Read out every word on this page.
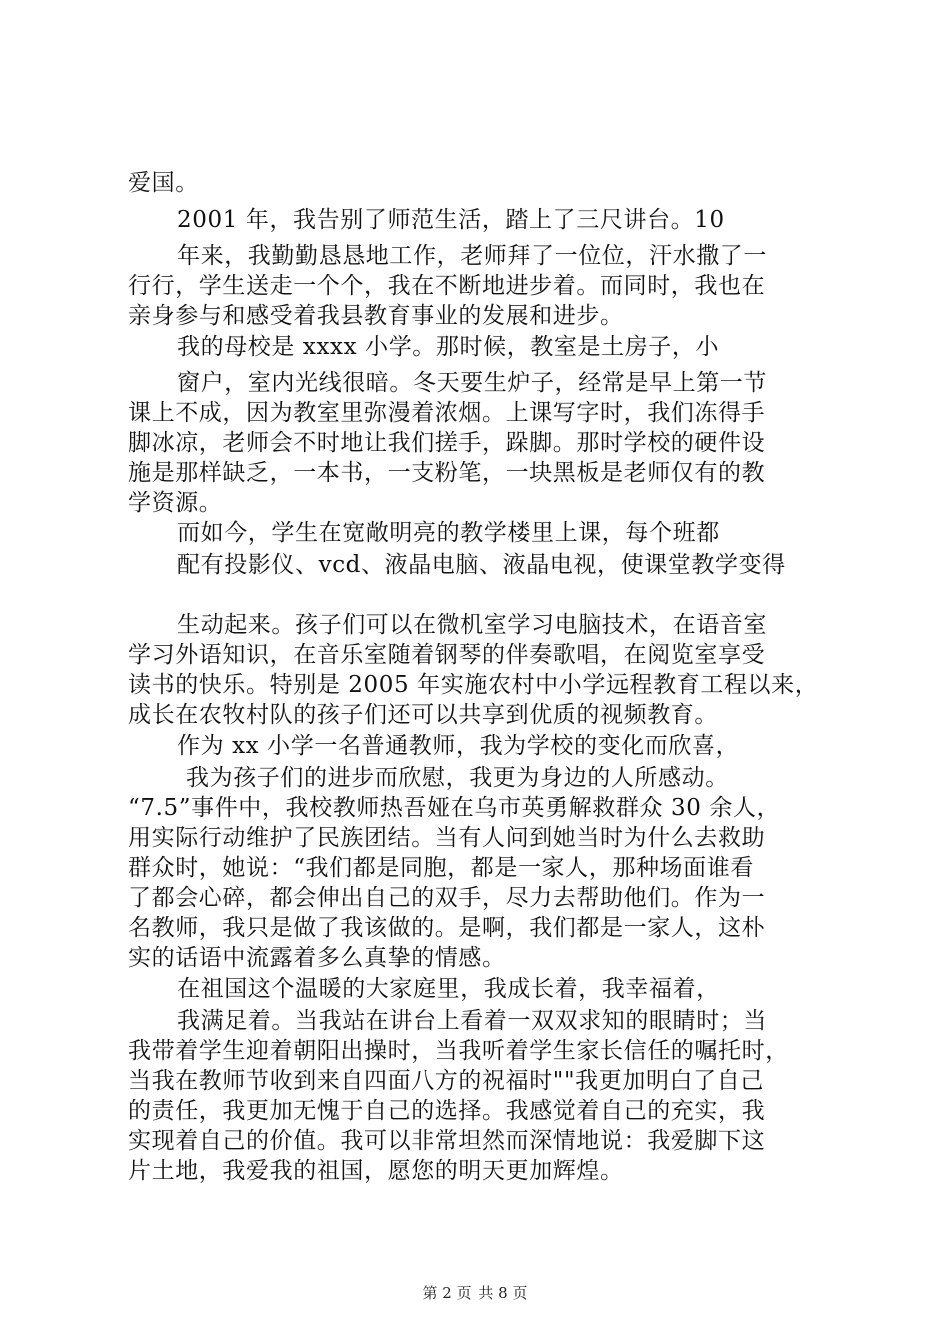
爱国。
2001 年，我告别了师范生活，踏上了三尺讲台。10
年来，我勤勤恳恳地工作，老师拜了一位位，汗水撒了一
行行，学生送走一个个，我在不断地进步着。而同时，我也在
亲身参与和感受着我县教育事业的发展和进步。
我的母校是 xxxx 小学。那时候，教室是土房子，小
窗户，室内光线很暗。冬天要生炉子，经常是早上第一节
课上不成，因为教室里弥漫着浓烟。上课写字时，我们冻得手
脚冰凉，老师会不时地让我们搓手，跺脚。那时学校的硬件设
施是那样缺乏，一本书，一支粉笔，一块黑板是老师仅有的教
学资源。
而如今，学生在宽敞明亮的教学楼里上课，每个班都
配有投影仪、vcd、液晶电脑、液晶电视，使课堂教学变得
生动起来。孩子们可以在微机室学习电脑技术，在语音室
学习外语知识，在音乐室随着钢琴的伴奏歌唱，在阅览室享受
读书的快乐。特别是 2005 年实施农村中小学远程教育工程以来，
成长在农牧村队的孩子们还可以共享到优质的视频教育。
作为 xx 小学一名普通教师，我为学校的变化而欣喜，
我为孩子们的进步而欣慰，我更为身边的人所感动。
“7.5”事件中，我校教师热吾娅在乌市英勇解救群众 30 余人，
用实际行动维护了民族团结。当有人问到她当时为什么去救助
群众时，她说：“我们都是同胞，都是一家人，那种场面谁看
了都会心碎，都会伸出自己的双手，尽力去帮助他们。作为一
名教师，我只是做了我该做的。是啊，我们都是一家人，这朴
实的话语中流露着多么真挚的情感。
在祖国这个温暖的大家庭里，我成长着，我幸福着，
我满足着。当我站在讲台上看着一双双求知的眼睛时；当
我带着学生迎着朝阳出操时，当我听着学生家长信任的嘱托时，
当我在教师节收到来自四面八方的祝福时""我更加明白了自己
的责任，我更加无愧于自己的选择。我感觉着自己的充实，我
实现着自己的价值。我可以非常坦然而深情地说：我爱脚下这
片土地，我爱我的祖国，愿您的明天更加辉煌。
第 2 页 共 8 页
